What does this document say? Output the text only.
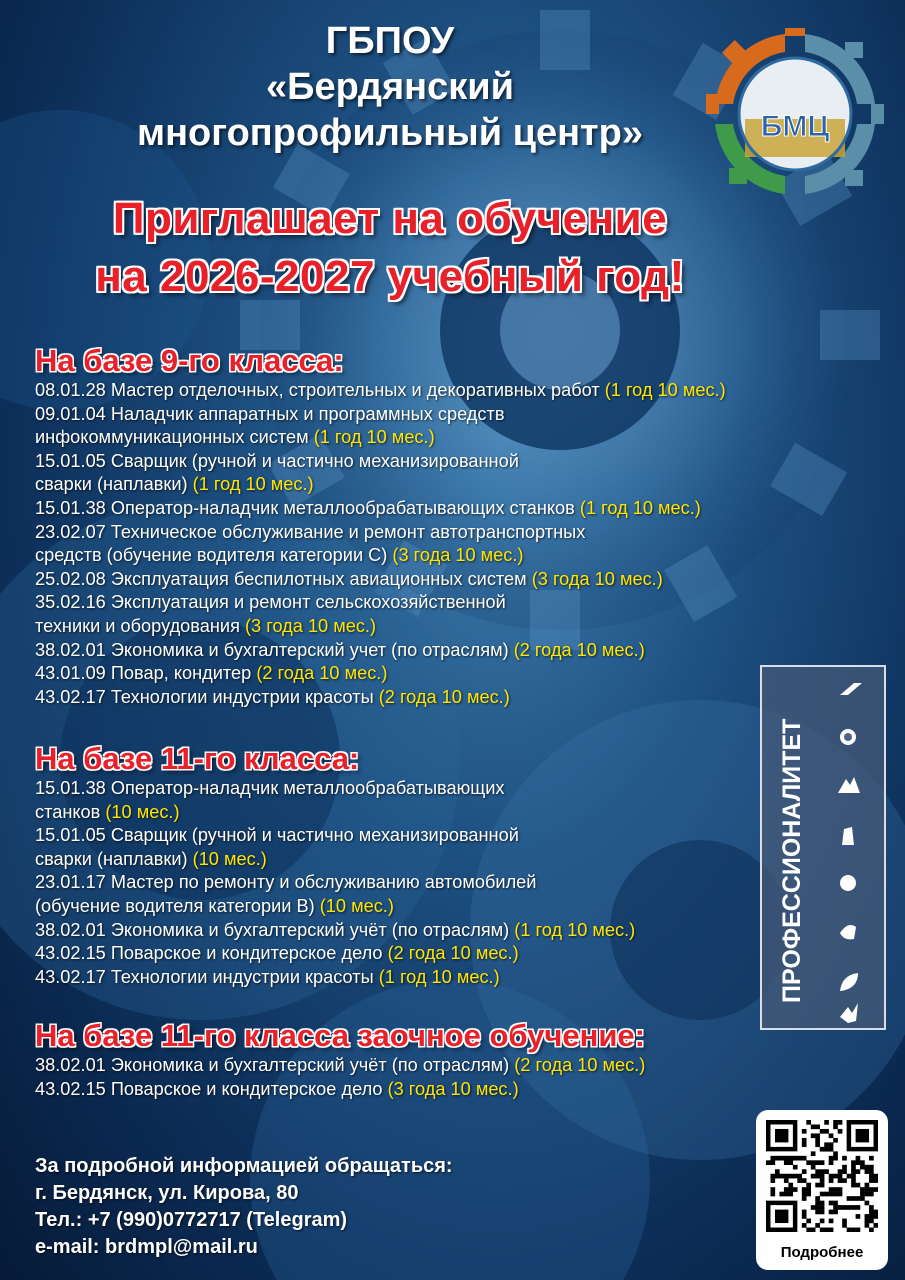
ГБПОУ
«Бердянский
многопрофильный центр»
Приглашает на обучение
на 2026-2027 учебный год!
БМЦ
На базе 9-го класса:
08.01.28 Мастер отделочных, строительных и декоративных работ (1 год 10 мес.)
09.01.04 Наладчик аппаратных и программных средств
инфокоммуникационных систем (1 год 10 мес.)
15.01.05 Сварщик (ручной и частично механизированной
сварки (наплавки) (1 год 10 мес.)
15.01.38 Оператор-наладчик металлообрабатывающих станков (1 год 10 мес.)
23.02.07 Техническое обслуживание и ремонт автотранспортных
средств (обучение водителя категории С) (3 года 10 мес.)
25.02.08 Эксплуатация беспилотных авиационных систем (3 года 10 мес.)
35.02.16 Эксплуатация и ремонт сельскохозяйственной
техники и оборудования (3 года 10 мес.)
38.02.01 Экономика и бухгалтерский учет (по отраслям) (2 года 10 мес.)
43.01.09 Повар, кондитер (2 года 10 мес.)
43.02.17 Технологии индустрии красоты (2 года 10 мес.)
На базе 11-го класса:
15.01.38 Оператор-наладчик металлообрабатывающих
станков (10 мес.)
15.01.05 Сварщик (ручной и частично механизированной
сварки (наплавки) (10 мес.)
23.01.17 Мастер по ремонту и обслуживанию автомобилей
(обучение водителя категории В) (10 мес.)
38.02.01 Экономика и бухгалтерский учёт (по отраслям) (1 год 10 мес.)
43.02.15 Поварское и кондитерское дело (2 года 10 мес.)
43.02.17 Технологии индустрии красоты (1 год 10 мес.)
На базе 11-го класса заочное обучение:
38.02.01 Экономика и бухгалтерский учёт (по отраслям) (2 года 10 мес.)
43.02.15 Поварское и кондитерское дело (3 года 10 мес.)
ПРОФЕССИОНАЛИТЕТ
За подробной информацией обращаться:
г. Бердянск, ул. Кирова, 80
Тел.: +7 (990)0772717 (Telegram)
e-mail: brdmpl@mail.ru	Подробнее
